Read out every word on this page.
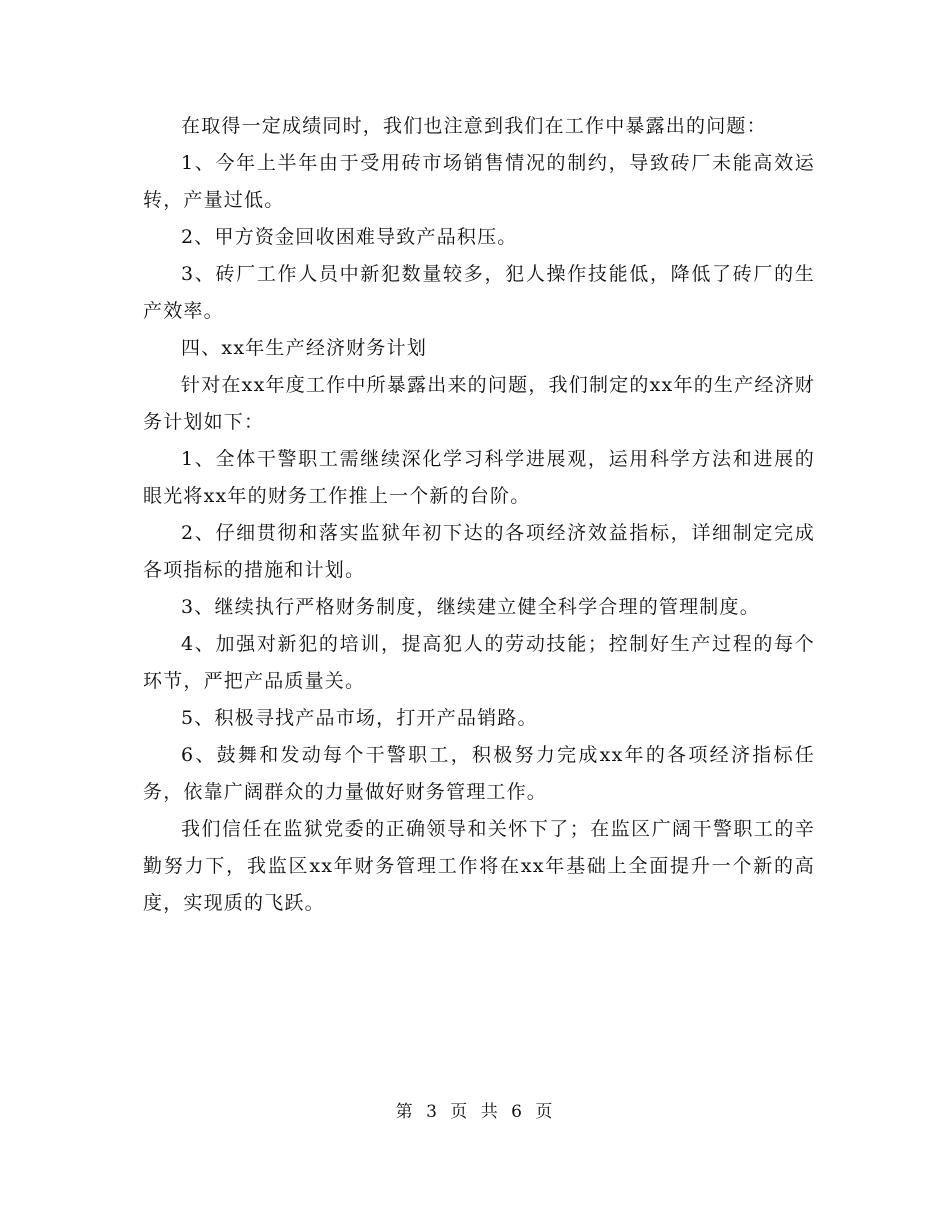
在取得一定成绩同时，我们也注意到我们在工作中暴露出的问题：

1、今年上半年由于受用砖市场销售情况的制约，导致砖厂未能高效运转，产量过低。

2、甲方资金回收困难导致产品积压。

3、砖厂工作人员中新犯数量较多，犯人操作技能低，降低了砖厂的生产效率。

四、xx年生产经济财务计划

针对在xx年度工作中所暴露出来的问题，我们制定的xx年的生产经济财务计划如下：

1、全体干警职工需继续深化学习科学进展观，运用科学方法和进展的眼光将xx年的财务工作推上一个新的台阶。

2、仔细贯彻和落实监狱年初下达的各项经济效益指标，详细制定完成各项指标的措施和计划。

3、继续执行严格财务制度，继续建立健全科学合理的管理制度。

4、加强对新犯的培训，提高犯人的劳动技能；控制好生产过程的每个环节，严把产品质量关。

5、积极寻找产品市场，打开产品销路。

6、鼓舞和发动每个干警职工，积极努力完成xx年的各项经济指标任务，依靠广阔群众的力量做好财务管理工作。

我们信任在监狱党委的正确领导和关怀下了；在监区广阔干警职工的辛勤努力下，我监区xx年财务管理工作将在xx年基础上全面提升一个新的高度，实现质的飞跃。

第 3 页 共 6 页
